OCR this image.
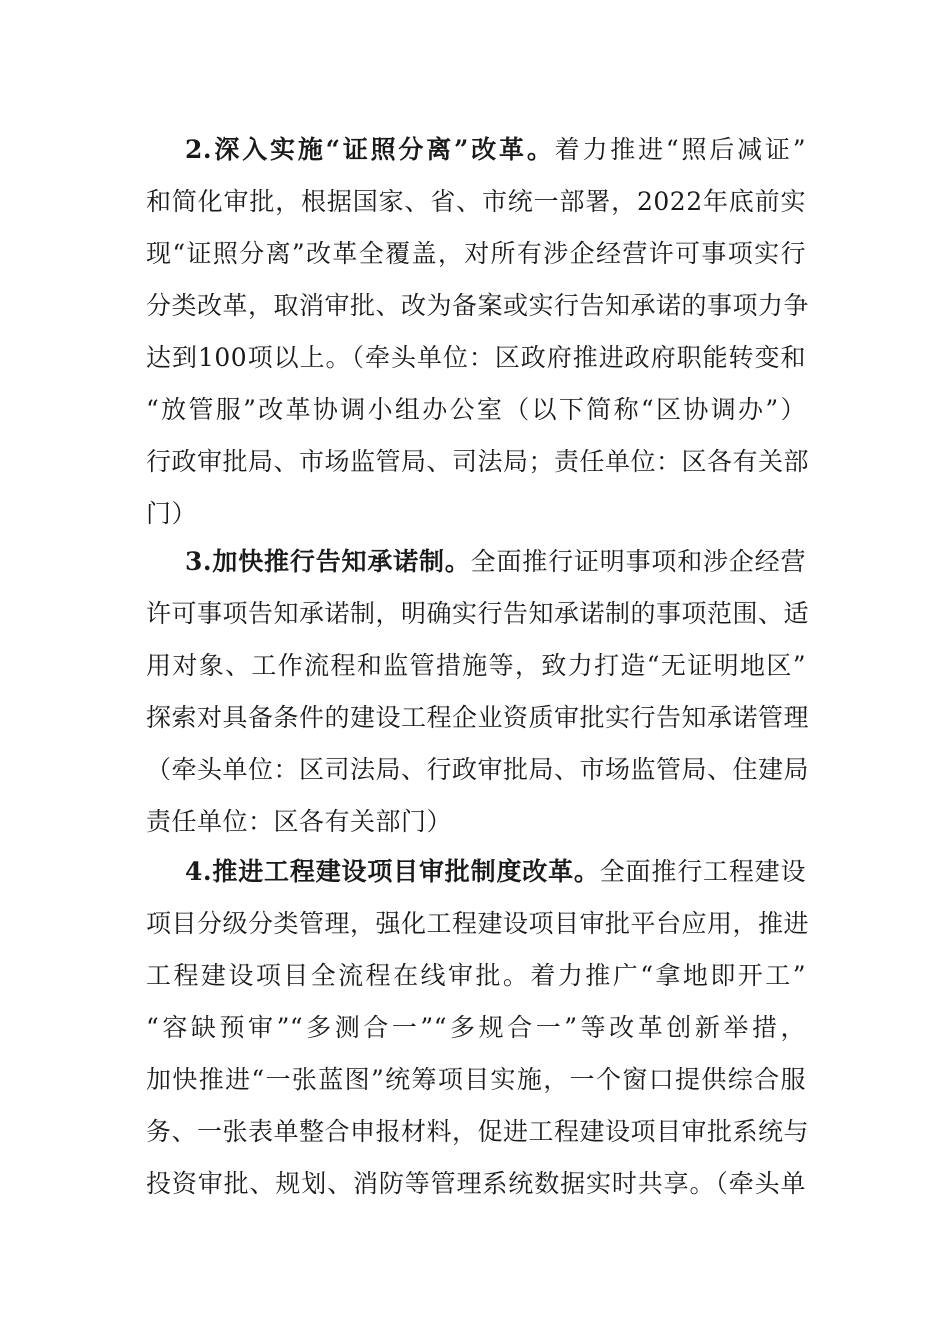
2.深入实施“证照分离”改革。着力推进“照后减证”
和简化审批，根据国家、省、市统一部署，2022年底前实
现“证照分离”改革全覆盖，对所有涉企经营许可事项实行
分类改革，取消审批、改为备案或实行告知承诺的事项力争
达到100项以上。（牵头单位：区政府推进政府职能转变和
“放管服”改革协调小组办公室（以下简称“区协调办”）
行政审批局、市场监管局、司法局；责任单位：区各有关部
门）
3.加快推行告知承诺制。全面推行证明事项和涉企经营
许可事项告知承诺制，明确实行告知承诺制的事项范围、适
用对象、工作流程和监管措施等，致力打造“无证明地区”
探索对具备条件的建设工程企业资质审批实行告知承诺管理
（牵头单位：区司法局、行政审批局、市场监管局、住建局
责任单位：区各有关部门）
4.推进工程建设项目审批制度改革。全面推行工程建设
项目分级分类管理，强化工程建设项目审批平台应用，推进
工程建设项目全流程在线审批。着力推广“拿地即开工”
“容缺预审”“多测合一”“多规合一”等改革创新举措，
加快推进“一张蓝图”统筹项目实施，一个窗口提供综合服
务、一张表单整合申报材料，促进工程建设项目审批系统与
投资审批、规划、消防等管理系统数据实时共享。（牵头单
